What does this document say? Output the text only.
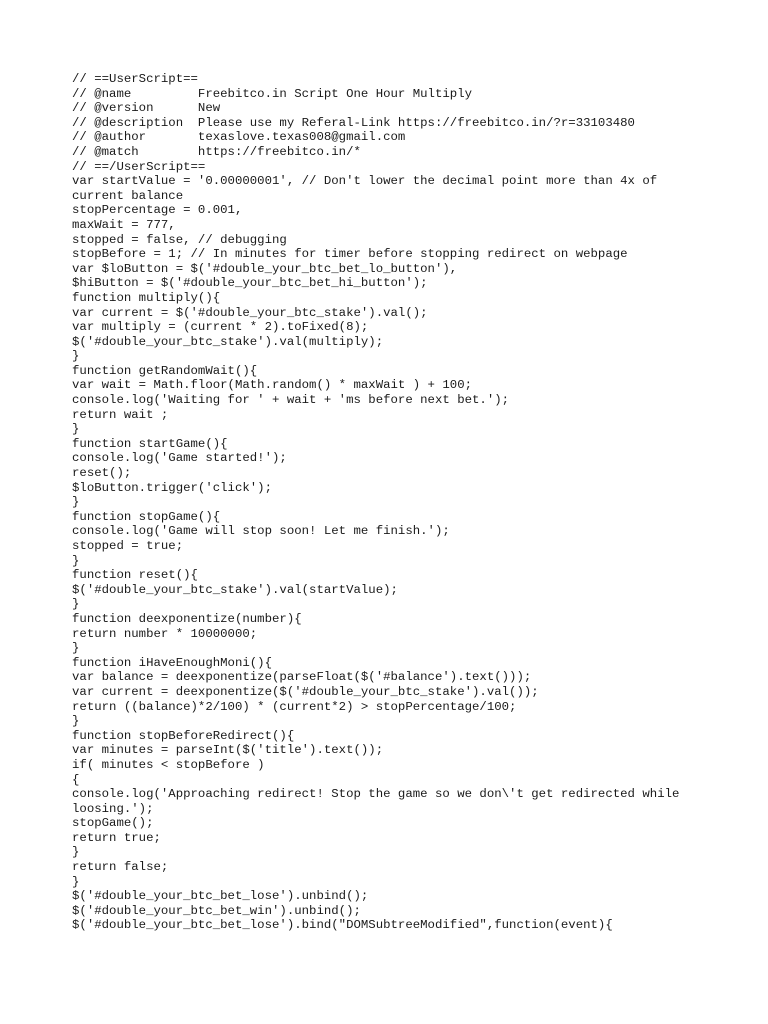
// ==UserScript==
// @name         Freebitco.in Script One Hour Multiply
// @version      New
// @description  Please use my Referal-Link https://freebitco.in/?r=33103480
// @author       texaslove.texas008@gmail.com
// @match        https://freebitco.in/*
// ==/UserScript==
var startValue = '0.00000001', // Don't lower the decimal point more than 4x of
current balance
stopPercentage = 0.001,
maxWait = 777,
stopped = false, // debugging
stopBefore = 1; // In minutes for timer before stopping redirect on webpage
var $loButton = $('#double_your_btc_bet_lo_button'),
$hiButton = $('#double_your_btc_bet_hi_button');
function multiply(){
var current = $('#double_your_btc_stake').val();
var multiply = (current * 2).toFixed(8);
$('#double_your_btc_stake').val(multiply);
}
function getRandomWait(){
var wait = Math.floor(Math.random() * maxWait ) + 100;
console.log('Waiting for ' + wait + 'ms before next bet.');
return wait ;
}
function startGame(){
console.log('Game started!');
reset();
$loButton.trigger('click');
}
function stopGame(){
console.log('Game will stop soon! Let me finish.');
stopped = true;
}
function reset(){
$('#double_your_btc_stake').val(startValue);
}
function deexponentize(number){
return number * 10000000;
}
function iHaveEnoughMoni(){
var balance = deexponentize(parseFloat($('#balance').text()));
var current = deexponentize($('#double_your_btc_stake').val());
return ((balance)*2/100) * (current*2) > stopPercentage/100;
}
function stopBeforeRedirect(){
var minutes = parseInt($('title').text());
if( minutes < stopBefore )
{
console.log('Approaching redirect! Stop the game so we don\'t get redirected while
loosing.');
stopGame();
return true;
}
return false;
}
$('#double_your_btc_bet_lose').unbind();
$('#double_your_btc_bet_win').unbind();
$('#double_your_btc_bet_lose').bind("DOMSubtreeModified",function(event){
